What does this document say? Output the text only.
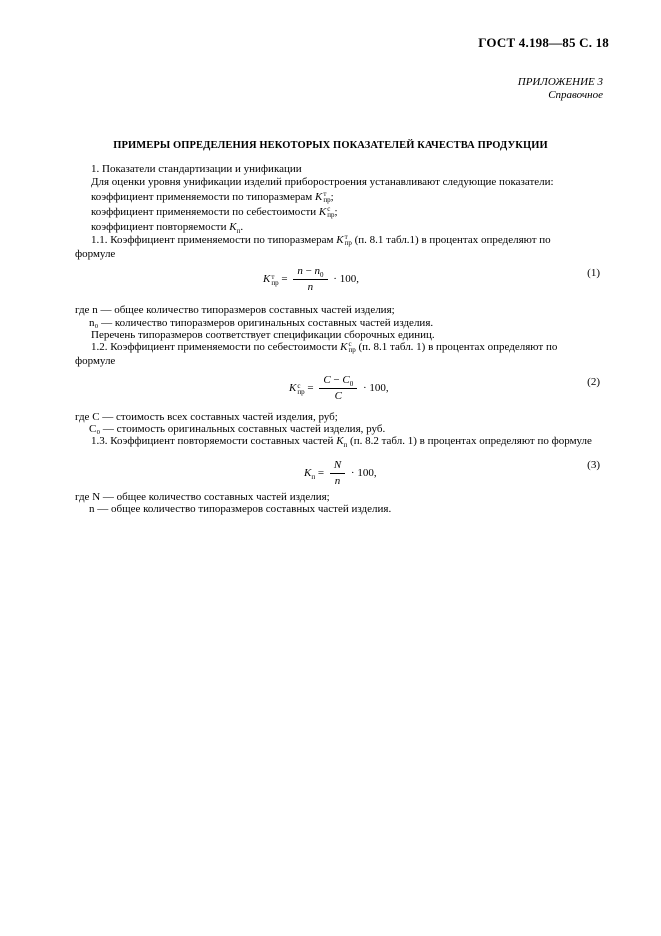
ГОСТ 4.198—85 С. 18
ПРИЛОЖЕНИЕ 3
Справочное
ПРИМЕРЫ ОПРЕДЕЛЕНИЯ НЕКОТОРЫХ ПОКАЗАТЕЛЕЙ КАЧЕСТВА ПРОДУКЦИИ
1. Показатели стандартизации и унификации
Для оценки уровня унификации изделий приборостроения устанавливают следующие показатели:
коэффициент применяемости по типоразмерам K т
пр ;
коэффициент применяемости по себестоимости K с
пр ;
коэффициент повторяемости $K_п$.
1.1. Коэффициент применяемости по типоразмерам K т
пр (п. 8.1 табл.1) в процентах определяют по
формуле
K т
пр = $\frac{n - n_0}{n} \cdot 100$,
(1)
где n — общее количество типоразмеров составных частей изделия;
n₀ — количество типоразмеров оригинальных составных частей изделия.
Перечень типоразмеров соответствует спецификации сборочных единиц.
1.2. Коэффициент применяемости по себестоимости K с
пр (п. 8.1 табл. 1) в процентах определяют по
формуле
K с
пр = $\frac{C - C_0}{C} \cdot 100$,
(2)
где C — стоимость всех составных частей изделия, руб;
C₀ — стоимость оригинальных составных частей изделия, руб.
1.3. Коэффициент повторяемости составных частей $K_п$ (п. 8.2 табл. 1) в процентах определяют по формуле
$K_п = \frac{N}{n} \cdot 100$,
(3)
где N — общее количество составных частей изделия;
n — общее количество типоразмеров составных частей изделия.
